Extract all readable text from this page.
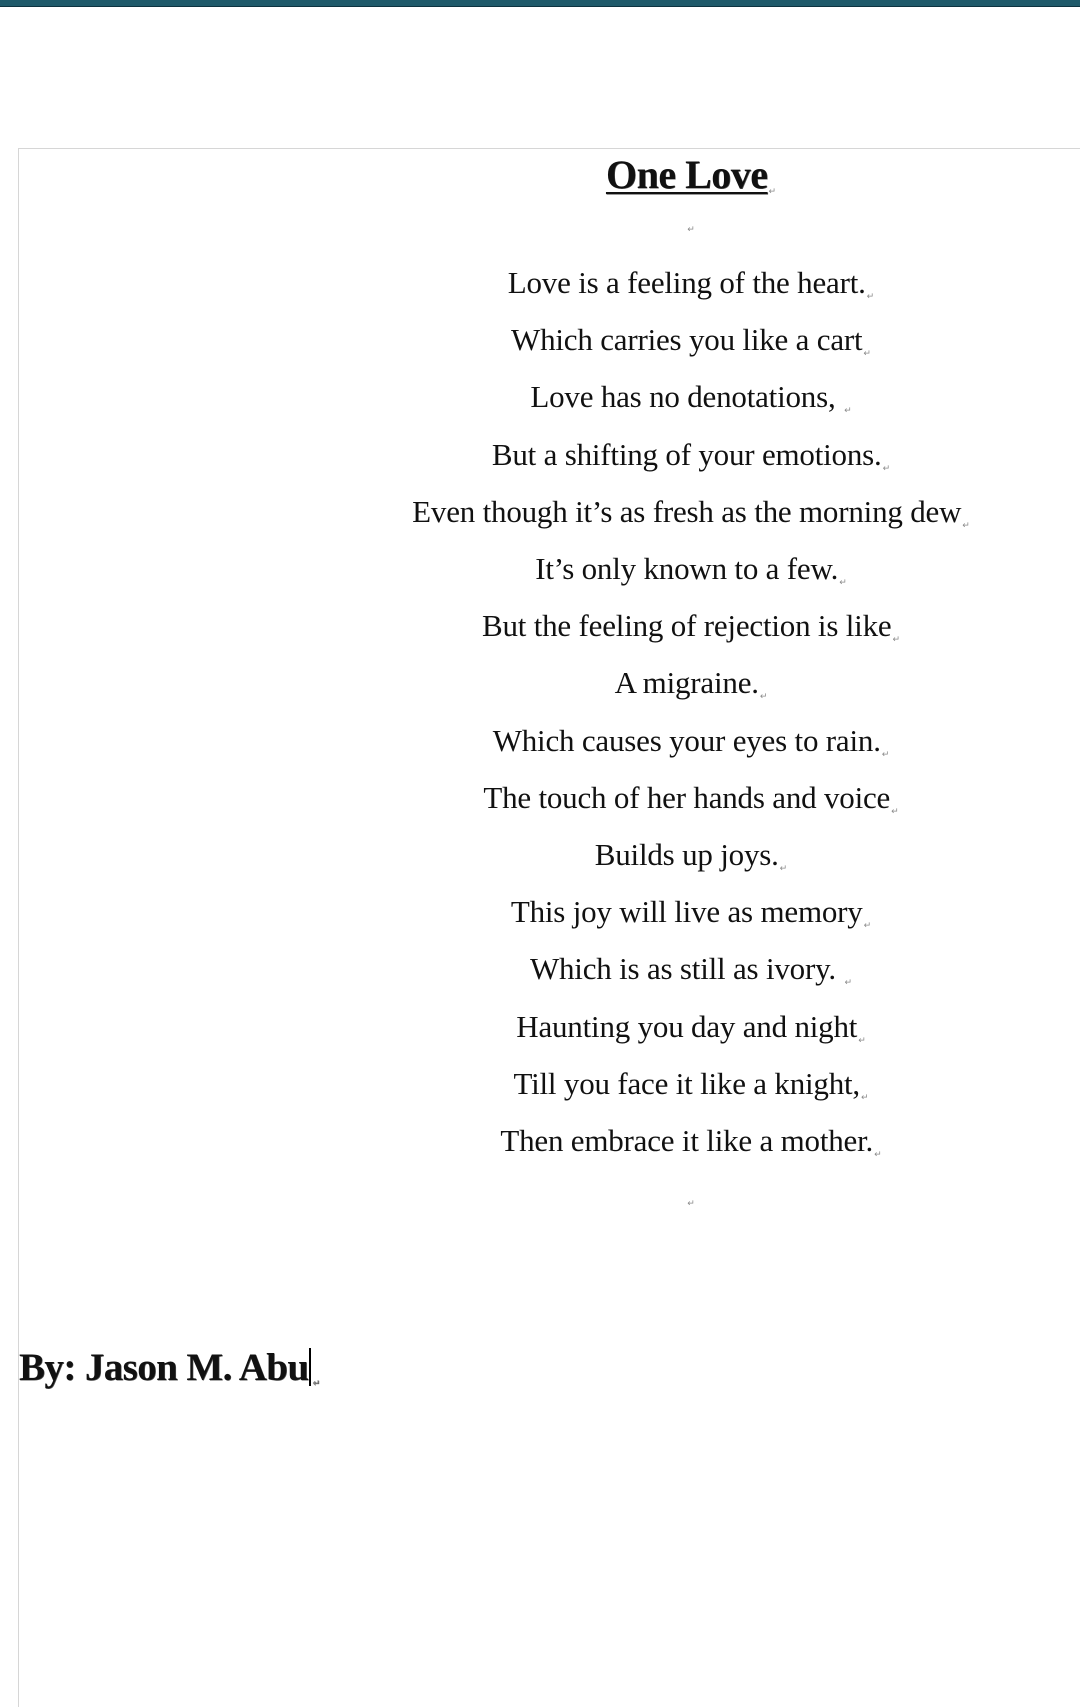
One Love$_↵$
↵
Love is a feeling of the $heart._↵$
Which carries you like a cart$_↵$
Love has no denotations, $_↵$
But a shifting of your $emotions._↵$
Even though it’s as fresh as the morning dew$_↵$
It’s only known to a $few._↵$
But the feeling of rejection is like$_↵$
A $migraine._↵$
Which causes your eyes to $rain._↵$
The touch of her hands and voice$_↵$
Builds up $joys._↵$
This joy will live as memory$_↵$
Which is as still as ivory. $_↵$
Haunting you day and night$_↵$
Till you face it like a $knight,_↵$
Then embrace it like a $mother._↵$
↵
By: Jason M. Abu ↵
